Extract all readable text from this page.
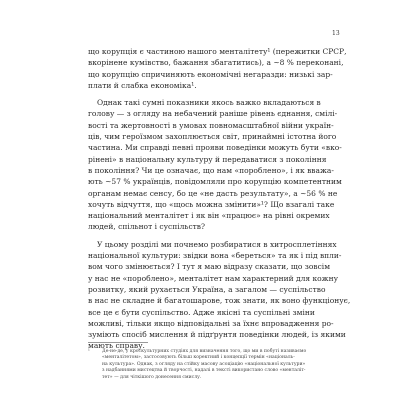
13
що корупція є частиною нашого менталітету¹ (пережитки СРСР,
вкорінене кумівство, бажання збагатитись), а ~8 % переконані,
що корупцію спричиняють економічні негаразди: низькі зар-
плати й слабка економіка¹.
Однак такі сумні показники якось важко вкладаються в
голову — з огляду на небачений раніше рівень єднання, смілі-
вості та жертовності в умовах повномасштабної війни україн-
ців, чим героїзмом захоплюється світ, принаймні істотна його
частина. Ми справді певні прояви поведінки можуть бути «вко-
рінені» в національну культуру й передаватися з покоління
в покоління? Чи це означає, що нам «пороблено», і як вважа-
ють ~57 % українців, повідомляли про корупцію компетентним
органам немає сенсу, бо це «не дасть результату», а ~56 % не
хочуть відчуття, що «щось можна змінити»¹? Що взагалі таке
національний менталітет і як він «працює» на рівні окремих
людей, спільнот і суспільств?
У цьому розділі ми почнемо розбиратися в хитросплетіннях
національної культури: звідки вона «береться» та як і під впли-
вом чого змінюється? І тут я маю відразу сказати, що зовсім
у нас не «пороблено», менталітет нам характерний для кожну
розвитку, який рухається Україна, а загалом — суспільство
в нас не складне й багатошарове, тож знати, як воно функціонує,
все це є бути суспільство. Адже якісні та суспільні зміни
можливі, тільки якщо відповідальні за їхнє впровадження ро-
зуміють спосіб мислення й підґрунтя поведінки людей, із якими
мають справу.
¹	Де-не-де, у кроскультурних студіях для визначення того, що ми в побуті називаємо
«менталітетом», застосовують більш коректний і концепції термін «національ-
на культура». Однак, з огляду на стійку масову асоціацію «національної культури»
з надбаннями мистецтва й творчості, надалі в тексті використано слово «менталіт-
тет» — для чіткішого донесення смислу.
